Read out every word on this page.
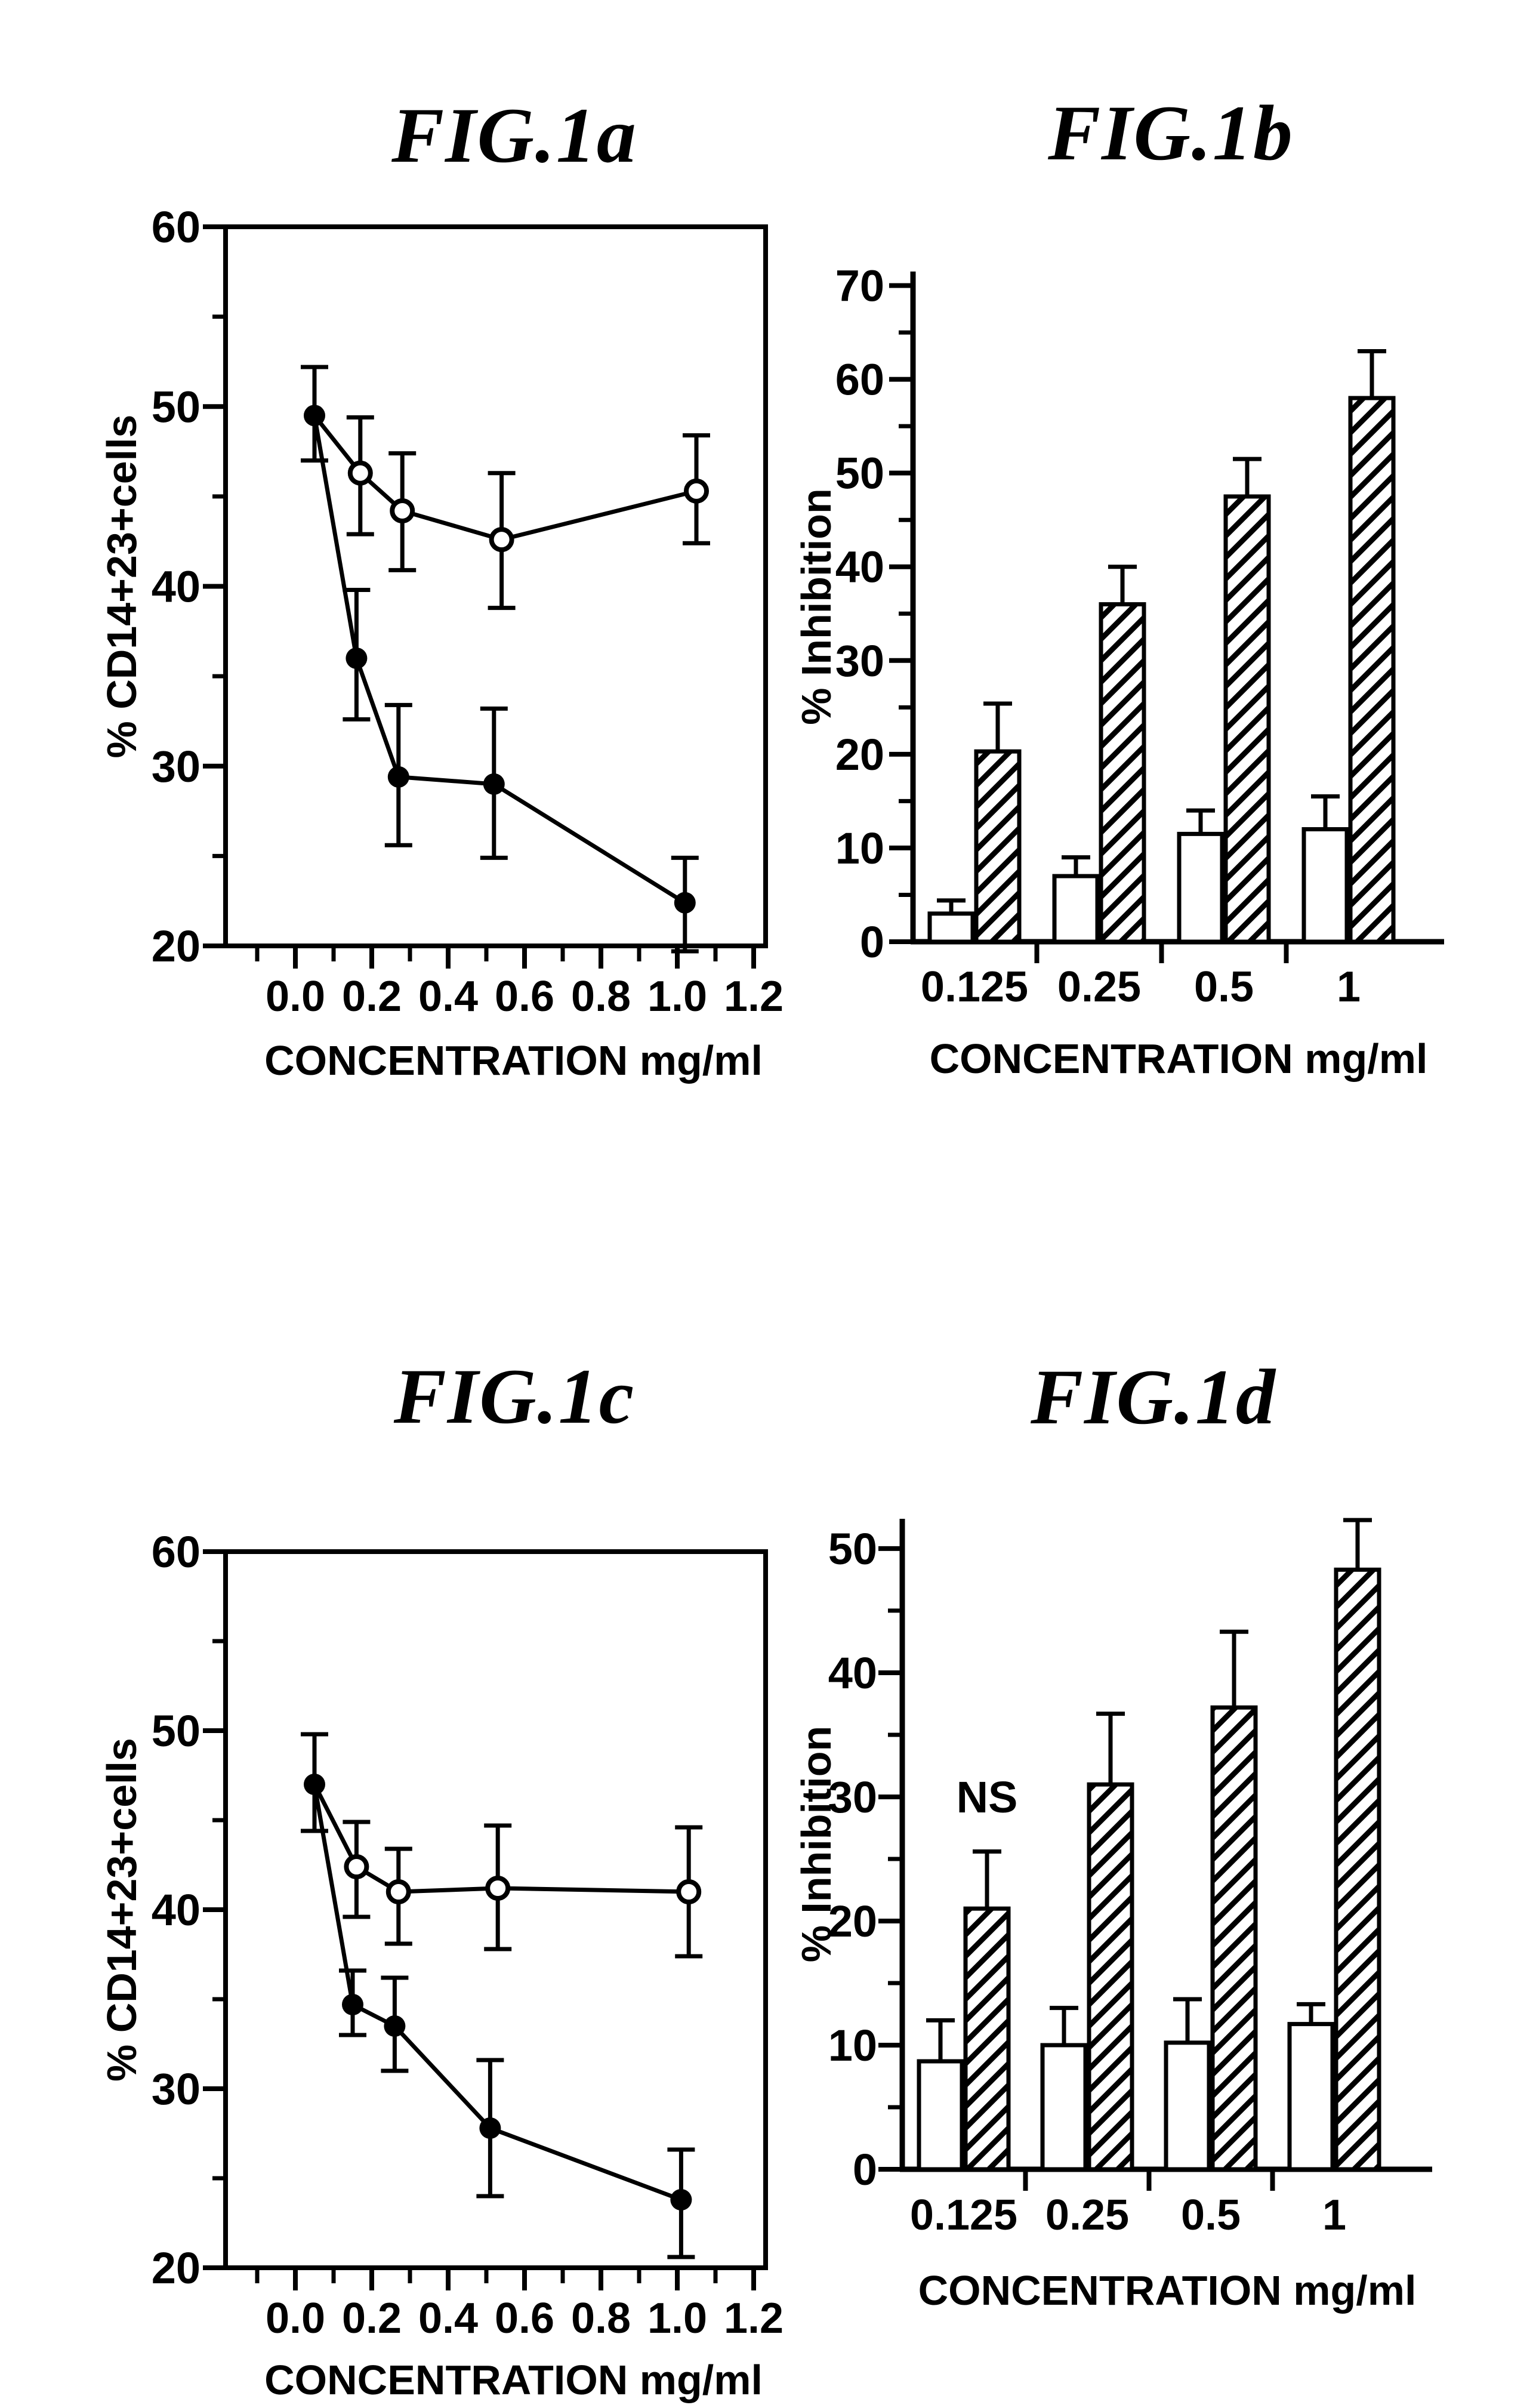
FIG.1a	FIG.1b
FIG.1c	FIG.1d
20
30
40
50
60
0.0 0.2 0.4 0.6 0.8 1.0 1.2
CONCENTRATION mg/ml
% CD14+23+cells
20
30
40
50
60
0.0 0.2 0.4 0.6 0.8 1.0 1.2
CONCENTRATION mg/ml
% CD14+23+cells
0
10
20
30
40
50
60
70
0.125 0.25 0.5 1
CONCENTRATION mg/ml
% Inhibition
0
10
20
30
40
50
0.125 0.25 0.5 1
CONCENTRATION mg/ml
% Inhibition	NS
